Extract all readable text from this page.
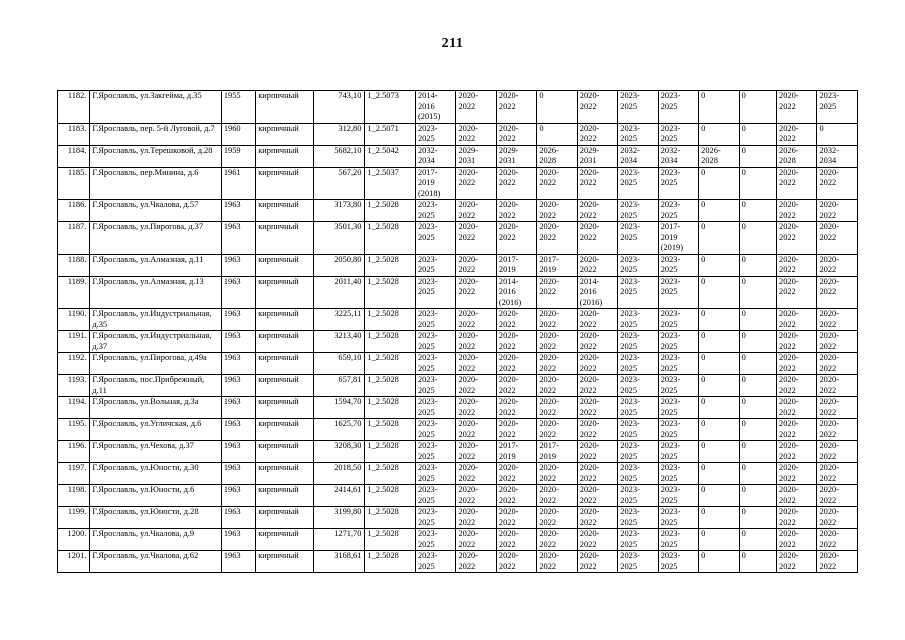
211
1182.	Г.Ярославль, ул.Закгейма, д.35	1955	кирпичный	743,10	1_2.5073	2014-2016 (2015)	2020-2022	2020-2022	0	2020-2022	2023-2025	2023-2025	0	0	2020-2022	2023-2025
1183.	Г.Ярославль, пер. 5-й Луговой, д.7	1960	кирпичный	312,80	1_2.5071	2023-2025	2020-2022	2020-2022	0	2020-2022	2023-2025	2023-2025	0	0	2020-2022	0
1184.	Г.Ярославль, ул.Терешковой, д.28	1959	кирпичный	5682,10	1_2.5042	2032-2034	2029-2031	2029-2031	2026-2028	2029-2031	2032-2034	2032-2034	2026-2028	0	2026-2028	2032-2034
1185.	Г.Ярославль, пер.Минина, д.6	1961	кирпичный	567,20	1_2.5037	2017-2019 (2018)	2020-2022	2020-2022	2020-2022	2020-2022	2023-2025	2023-2025	0	0	2020-2022	2020-2022
1186.	Г.Ярославль, ул.Чкалова, д.57	1963	кирпичный	3173,80	1_2.5028	2023-2025	2020-2022	2020-2022	2020-2022	2020-2022	2023-2025	2023-2025	0	0	2020-2022	2020-2022
1187.	Г.Ярославль, ул.Пирогова, д.37	1963	кирпичный	3501,30	1_2.5028	2023-2025	2020-2022	2020-2022	2020-2022	2020-2022	2023-2025	2017-2019 (2019)	0	0	2020-2022	2020-2022
1188.	Г.Ярославль, ул.Алмазная, д.11	1963	кирпичный	2050,80	1_2.5028	2023-2025	2020-2022	2017-2019	2017-2019	2020-2022	2023-2025	2023-2025	0	0	2020-2022	2020-2022
1189.	Г.Ярославль, ул.Алмазная, д.13	1963	кирпичный	2011,40	1_2.5028	2023-2025	2020-2022	2014-2016 (2016)	2020-2022	2014-2016 (2016)	2023-2025	2023-2025	0	0	2020-2022	2020-2022
1190.	Г.Ярославль, ул.Индустриальная, д.35	1963	кирпичный	3225,11	1_2.5028	2023-2025	2020-2022	2020-2022	2020-2022	2020-2022	2023-2025	2023-2025	0	0	2020-2022	2020-2022
1191.	Г.Ярославль, ул.Индустриальная, д.37	1963	кирпичный	3213,40	1_2.5028	2023-2025	2020-2022	2020-2022	2020-2022	2020-2022	2023-2025	2023-2025	0	0	2020-2022	2020-2022
1192.	Г.Ярославль, ул.Пирогова, д.49а	1963	кирпичный	659,10	1_2.5028	2023-2025	2020-2022	2020-2022	2020-2022	2020-2022	2023-2025	2023-2025	0	0	2020-2022	2020-2022
1193.	Г.Ярославль, пос.Прибрежный, д.11	1963	кирпичный	657,81	1_2.5028	2023-2025	2020-2022	2020-2022	2020-2022	2020-2022	2023-2025	2023-2025	0	0	2020-2022	2020-2022
1194.	Г.Ярославль, ул.Вольная, д.3а	1963	кирпичный	1594,70	1_2.5028	2023-2025	2020-2022	2020-2022	2020-2022	2020-2022	2023-2025	2023-2025	0	0	2020-2022	2020-2022
1195.	Г.Ярославль, ул.Угличская, д.6	1963	кирпичный	1625,70	1_2.5028	2023-2025	2020-2022	2020-2022	2020-2022	2020-2022	2023-2025	2023-2025	0	0	2020-2022	2020-2022
1196.	Г.Ярославль, ул.Чехова, д.37	1963	кирпичный	3208,30	1_2.5028	2023-2025	2020-2022	2017-2019	2017-2019	2020-2022	2023-2025	2023-2025	0	0	2020-2022	2020-2022
1197.	Г.Ярославль, ул.Юности, д.30	1963	кирпичный	2018,50	1_2.5028	2023-2025	2020-2022	2020-2022	2020-2022	2020-2022	2023-2025	2023-2025	0	0	2020-2022	2020-2022
1198.	Г.Ярославль, ул.Юности, д.6	1963	кирпичный	2414,61	1_2.5028	2023-2025	2020-2022	2020-2022	2020-2022	2020-2022	2023-2025	2023-2025	0	0	2020-2022	2020-2022
1199.	Г.Ярославль, ул.Юности, д.28	1963	кирпичный	3199,80	1_2.5028	2023-2025	2020-2022	2020-2022	2020-2022	2020-2022	2023-2025	2023-2025	0	0	2020-2022	2020-2022
1200.	Г.Ярославль, ул.Чкалова, д.9	1963	кирпичный	1271,70	1_2.5028	2023-2025	2020-2022	2020-2022	2020-2022	2020-2022	2023-2025	2023-2025	0	0	2020-2022	2020-2022
1201.	Г.Ярославль, ул.Чкалова, д.62	1963	кирпичный	3168,61	1_2.5028	2023-2025	2020-2022	2020-2022	2020-2022	2020-2022	2023-2025	2023-2025	0	0	2020-2022	2020-2022
